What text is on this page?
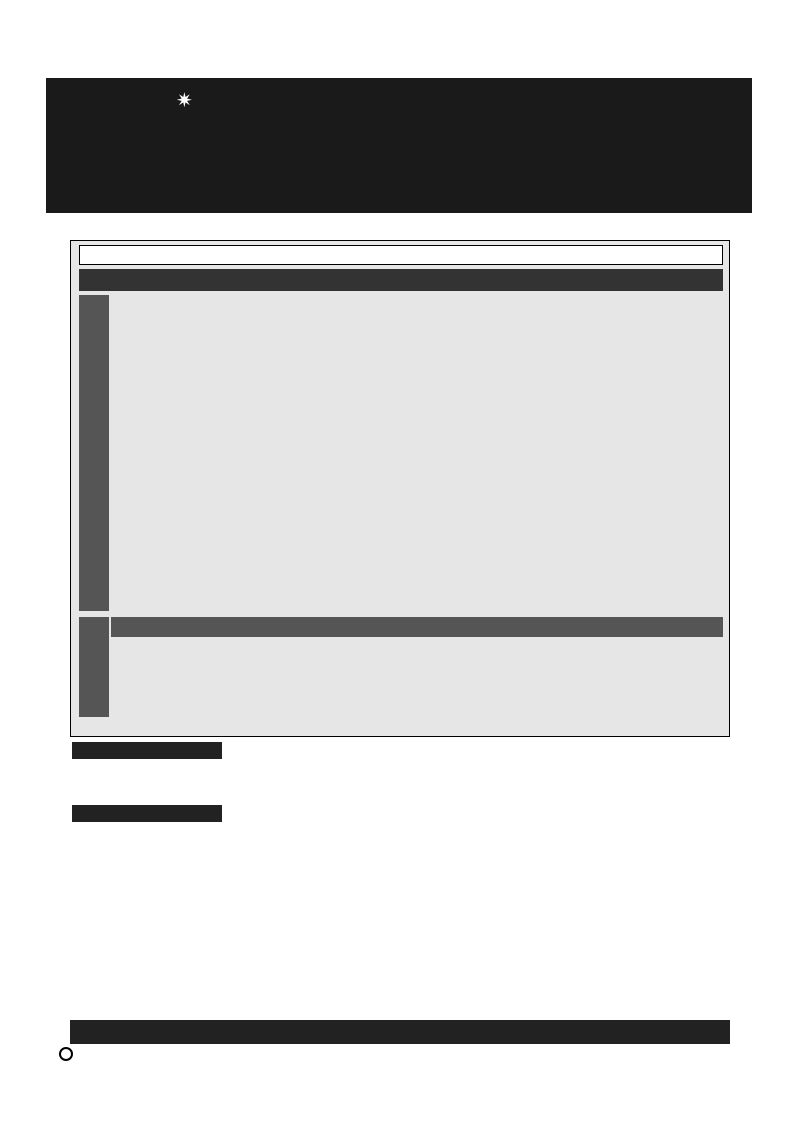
✷
